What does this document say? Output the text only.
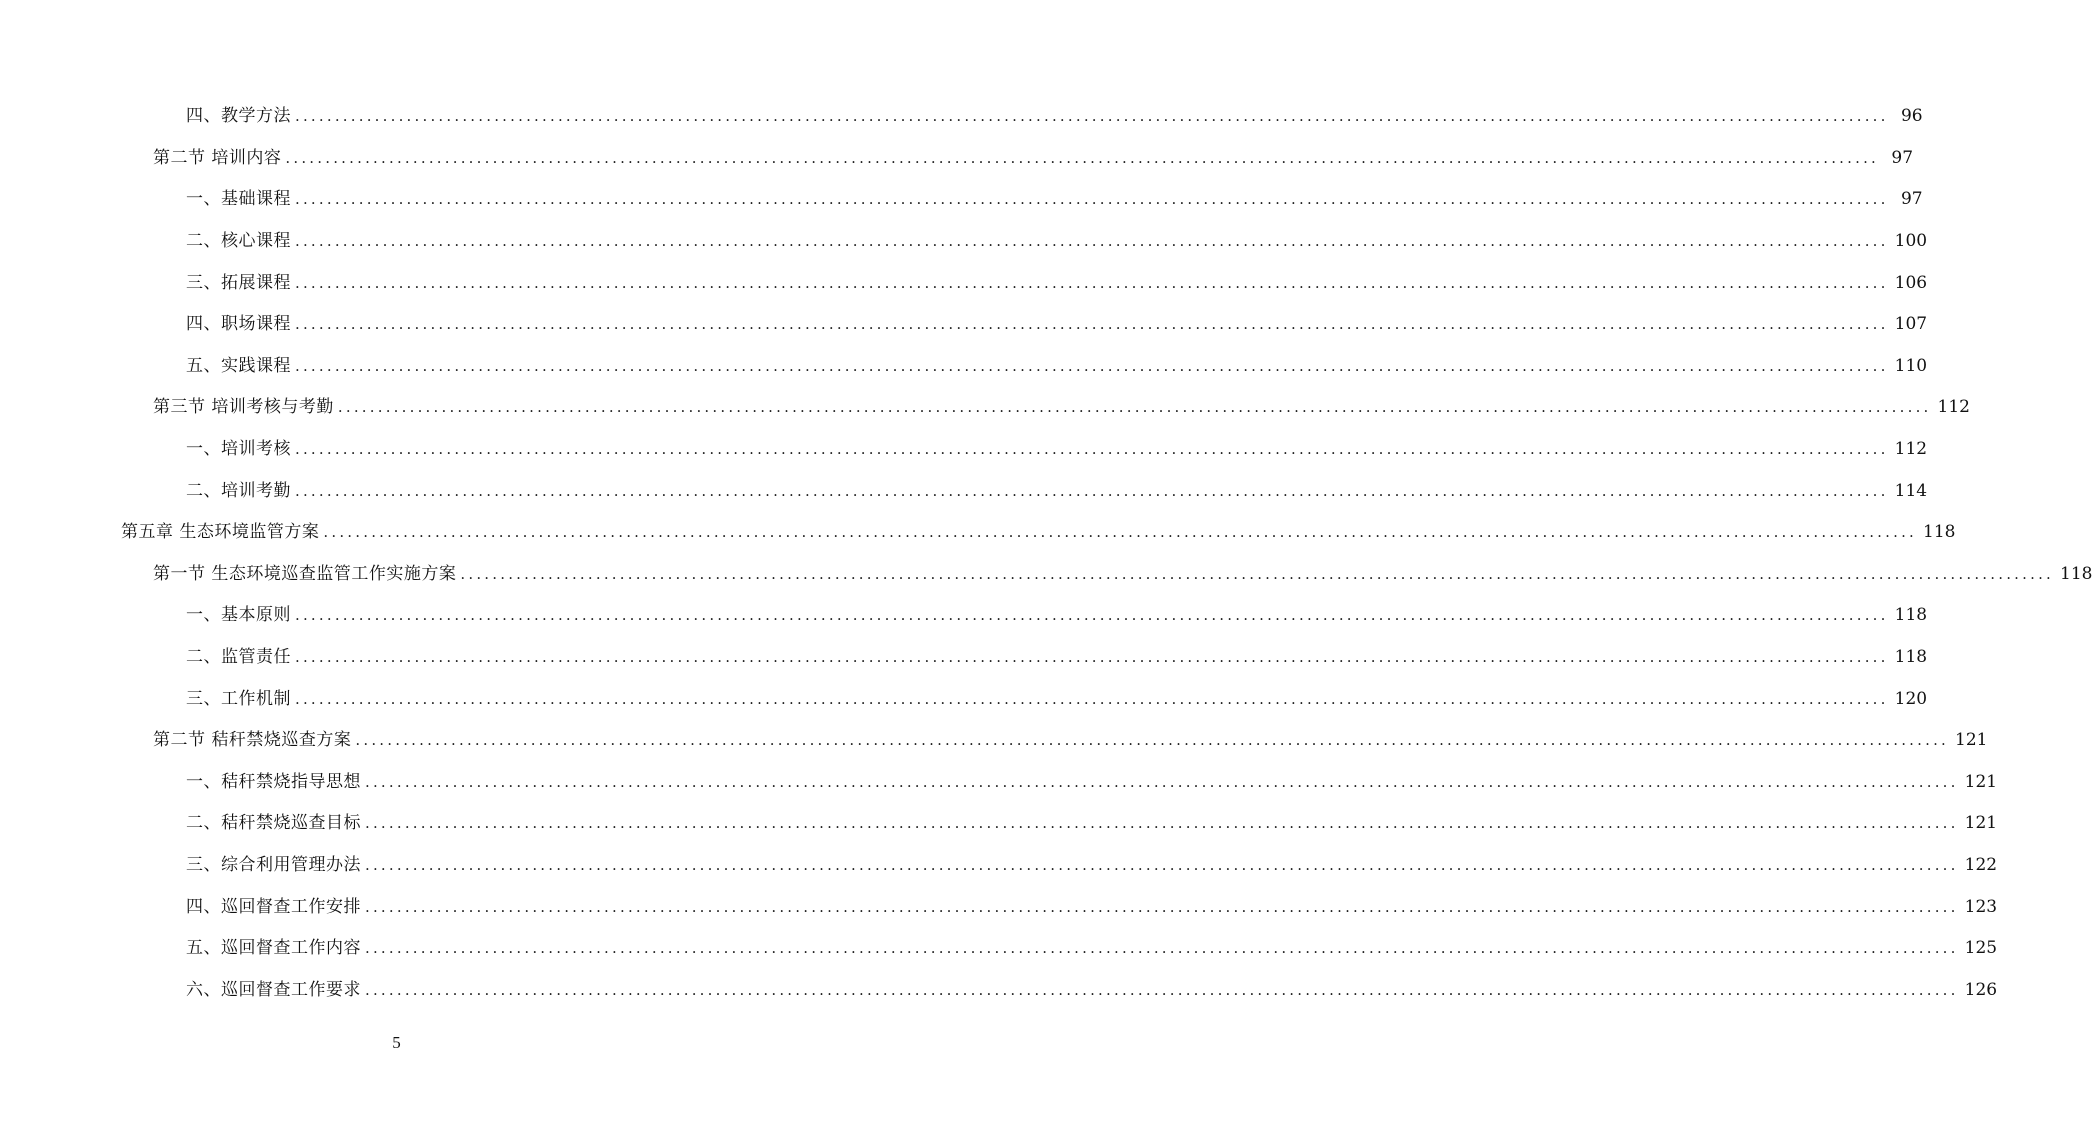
四、教学方法 ........................................................................................................................................................................................................ 96
第二节 培训内容 ........................................................................................................................................................................................................ 97
一、基础课程 ........................................................................................................................................................................................................ 97
二、核心课程 ........................................................................................................................................................................................................ 100
三、拓展课程 ........................................................................................................................................................................................................ 106
四、职场课程 ........................................................................................................................................................................................................ 107
五、实践课程 ........................................................................................................................................................................................................ 110
第三节 培训考核与考勤 ........................................................................................................................................................................................................ 112
一、培训考核 ........................................................................................................................................................................................................ 112
二、培训考勤 ........................................................................................................................................................................................................ 114
第五章 生态环境监管方案 ........................................................................................................................................................................................................ 118
第一节 生态环境巡查监管工作实施方案 ........................................................................................................................................................................................................ 118
一、基本原则 ........................................................................................................................................................................................................ 118
二、监管责任 ........................................................................................................................................................................................................ 118
三、工作机制 ........................................................................................................................................................................................................ 120
第二节 秸秆禁烧巡查方案 ........................................................................................................................................................................................................ 121
一、秸秆禁烧指导思想 ........................................................................................................................................................................................................ 121
二、秸秆禁烧巡查目标 ........................................................................................................................................................................................................ 121
三、综合利用管理办法 ........................................................................................................................................................................................................ 122
四、巡回督查工作安排 ........................................................................................................................................................................................................ 123
五、巡回督查工作内容 ........................................................................................................................................................................................................ 125
六、巡回督查工作要求 ........................................................................................................................................................................................................ 126
5
